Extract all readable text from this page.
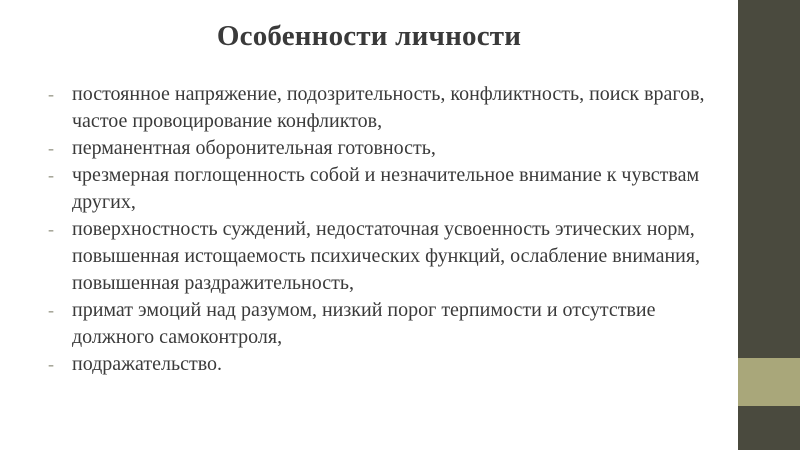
Особенности личности
- постоянное напряжение, подозрительность, конфликтность, поиск врагов, частое провоцирование конфликтов,
- перманентная оборонительная готовность,
- чрезмерная поглощенность собой и незначительное внимание к чувствам других,
- поверхностность суждений, недостаточная усвоенность этических норм, повышенная истощаемость психических функций, ослабление внимания, повышенная раздражительность,
- примат эмоций над разумом, низкий порог терпимости и отсутствие должного самоконтроля,
- подражательство.
